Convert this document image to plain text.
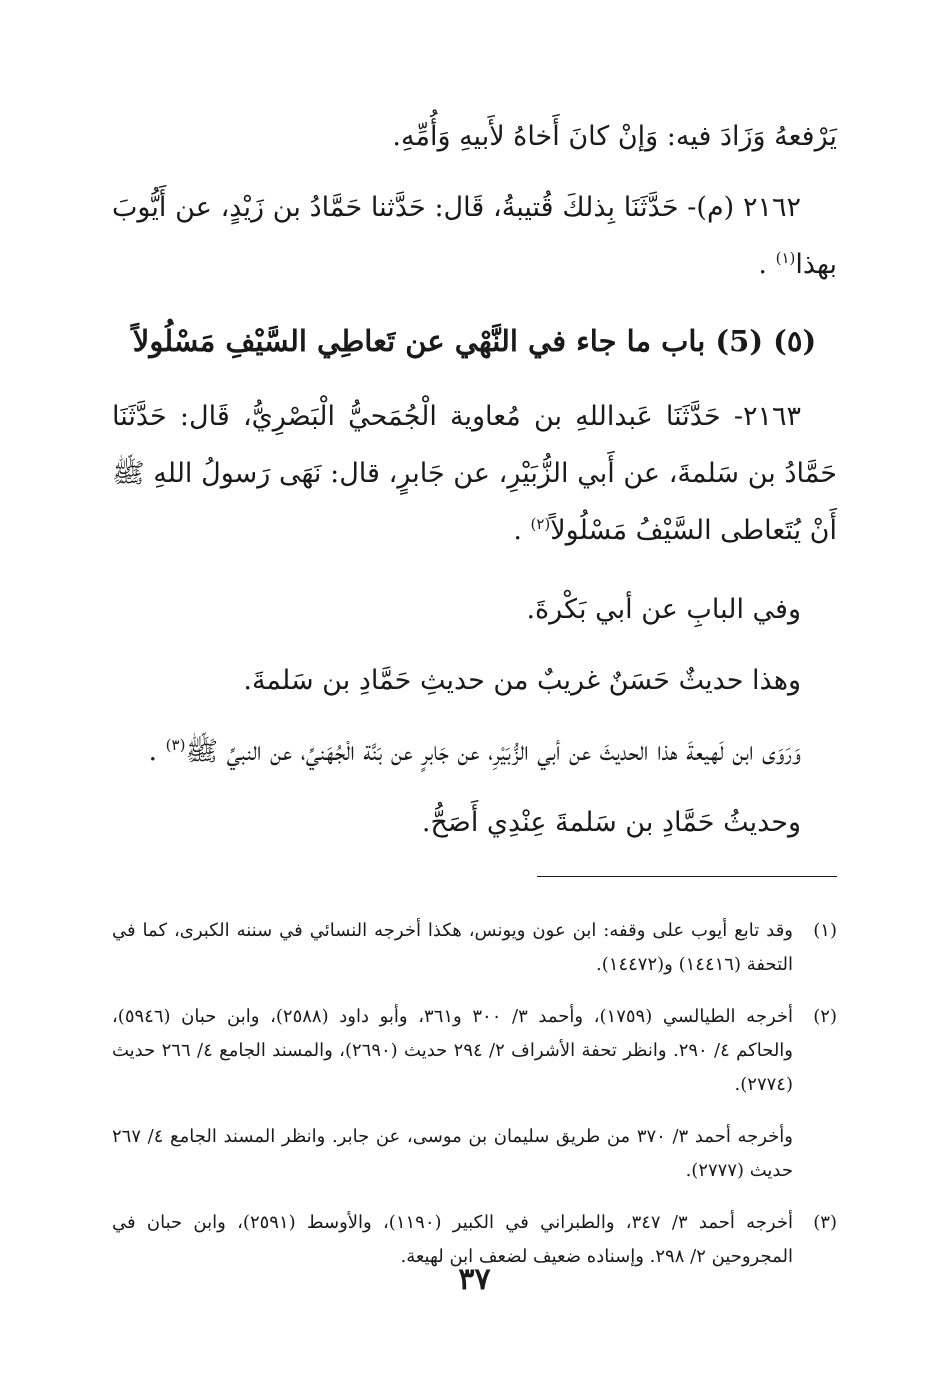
يَرْفعهُ وَزَادَ فيه: وَإنْ كانَ أَخاهُ لأَبيهِ وَأُمِّهِ.

٢١٦٢ (م)- حَدَّثَنَا بِذلكَ قُتيبةُ، قَال: حَدَّثنا حَمَّادُ بن زَيْدٍ، عن أَيُّوبَ بهذا$^{(١)}$ .

(٥) (5) باب ما جاء في النَّهْي عن تَعاطِي السَّيْفِ مَسْلُولاً

٢١٦٣- حَدَّثَنَا عَبداللهِ بن مُعاوية الْجُمَحيُّ الْبَصْرِيُّ، قَال: حَدَّثَنَا حَمَّادُ بن سَلمةَ، عن أَبي الزُّبَيْرِ، عن جَابرٍ، قال: نَهَى رَسولُ اللهِ ﷺ أَنْ يُتَعاطى السَّيْفُ مَسْلُولاً$^{(٢)}$ .

وفي البابِ عن أبي بَكْرةَ.

وهذا حديثٌ حَسَنٌ غريبٌ من حديثِ حَمَّادِ بن سَلمةَ.

وَرَوَى ابن لَهيعةَ هذا الحديثَ عن أبي الزُّبَيْرِ، عن جَابرٍ عن بَنَّة الْجُهَنيِّ، عن النبيِّ ﷺ$^{(٣)}$ .

وحديثُ حَمَّادِ بن سَلمةَ عِنْدِي أَصَحُّ.

(١)

وقد تابع أيوب على وقفه: ابن عون ويونس، هكذا أخرجه النسائي في سننه الكبرى، كما في التحفة (١٤٤١٦) و(١٤٤٧٢).

(٢)

أخرجه الطيالسي (١٧٥٩)، وأحمد ٣/ ٣٠٠ و٣٦١، وأبو داود (٢٥٨٨)، وابن حبان (٥٩٤٦)، والحاكم ٤/ ٢٩٠. وانظر تحفة الأشراف ٢/ ٢٩٤ حديث (٢٦٩٠)، والمسند الجامع ٤/ ٢٦٦ حديث (٢٧٧٤).

وأخرجه أحمد ٣/ ٣٧٠ من طريق سليمان بن موسى، عن جابر. وانظر المسند الجامع ٤/ ٢٦٧ حديث (٢٧٧٧).

(٣)

أخرجه أحمد ٣/ ٣٤٧، والطبراني في الكبير (١١٩٠)، والأوسط (٢٥٩١)، وابن حبان في المجروحين ٢/ ٢٩٨. وإسناده ضعيف لضعف ابن لهيعة.

٣٧
